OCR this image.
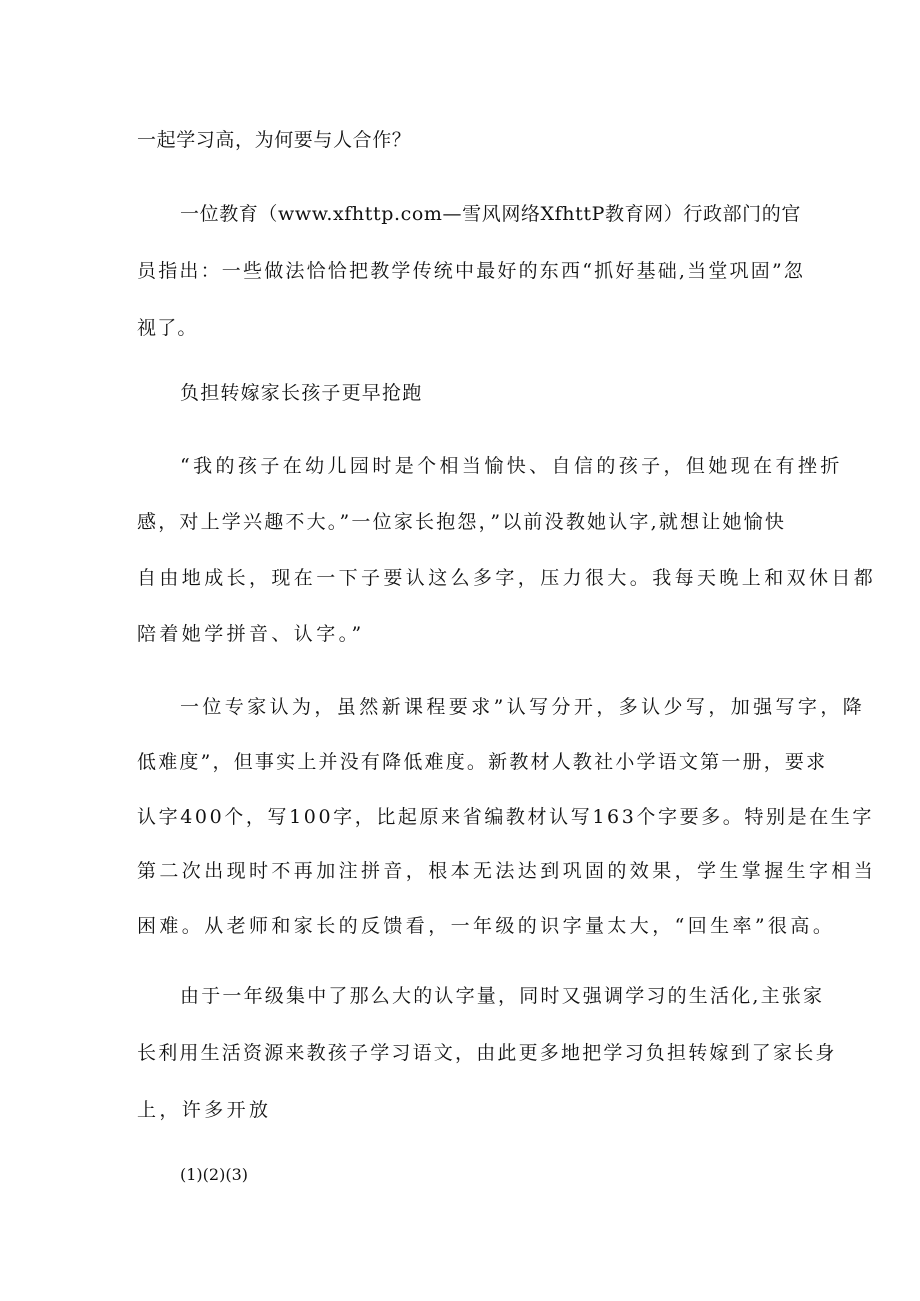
一起学习高，为何要与人合作？
一位教育（www.xfhttp.com—雪风网络XfhttP教育网）行政部门的官
员指出：一些做法恰恰把教学传统中最好的东西“抓好基础,当堂巩固”忽
视了。
负担转嫁家长孩子更早抢跑
“我的孩子在幼儿园时是个相当愉快、自信的孩子，但她现在有挫折
感，对上学兴趣不大。”一位家长抱怨，”以前没教她认字,就想让她愉快
自由地成长，现在一下子要认这么多字，压力很大。我每天晚上和双休日都
陪着她学拼音、认字。”
一位专家认为，虽然新课程要求”认写分开，多认少写，加强写字，降
低难度”，但事实上并没有降低难度。新教材人教社小学语文第一册，要求
认字400个，写100字，比起原来省编教材认写163个字要多。特别是在生字
第二次出现时不再加注拼音，根本无法达到巩固的效果，学生掌握生字相当
困难。从老师和家长的反馈看，一年级的识字量太大，“回生率”很高。
由于一年级集中了那么大的认字量，同时又强调学习的生活化,主张家
长利用生活资源来教孩子学习语文，由此更多地把学习负担转嫁到了家长身
上，许多开放
(1)(2)(3)
